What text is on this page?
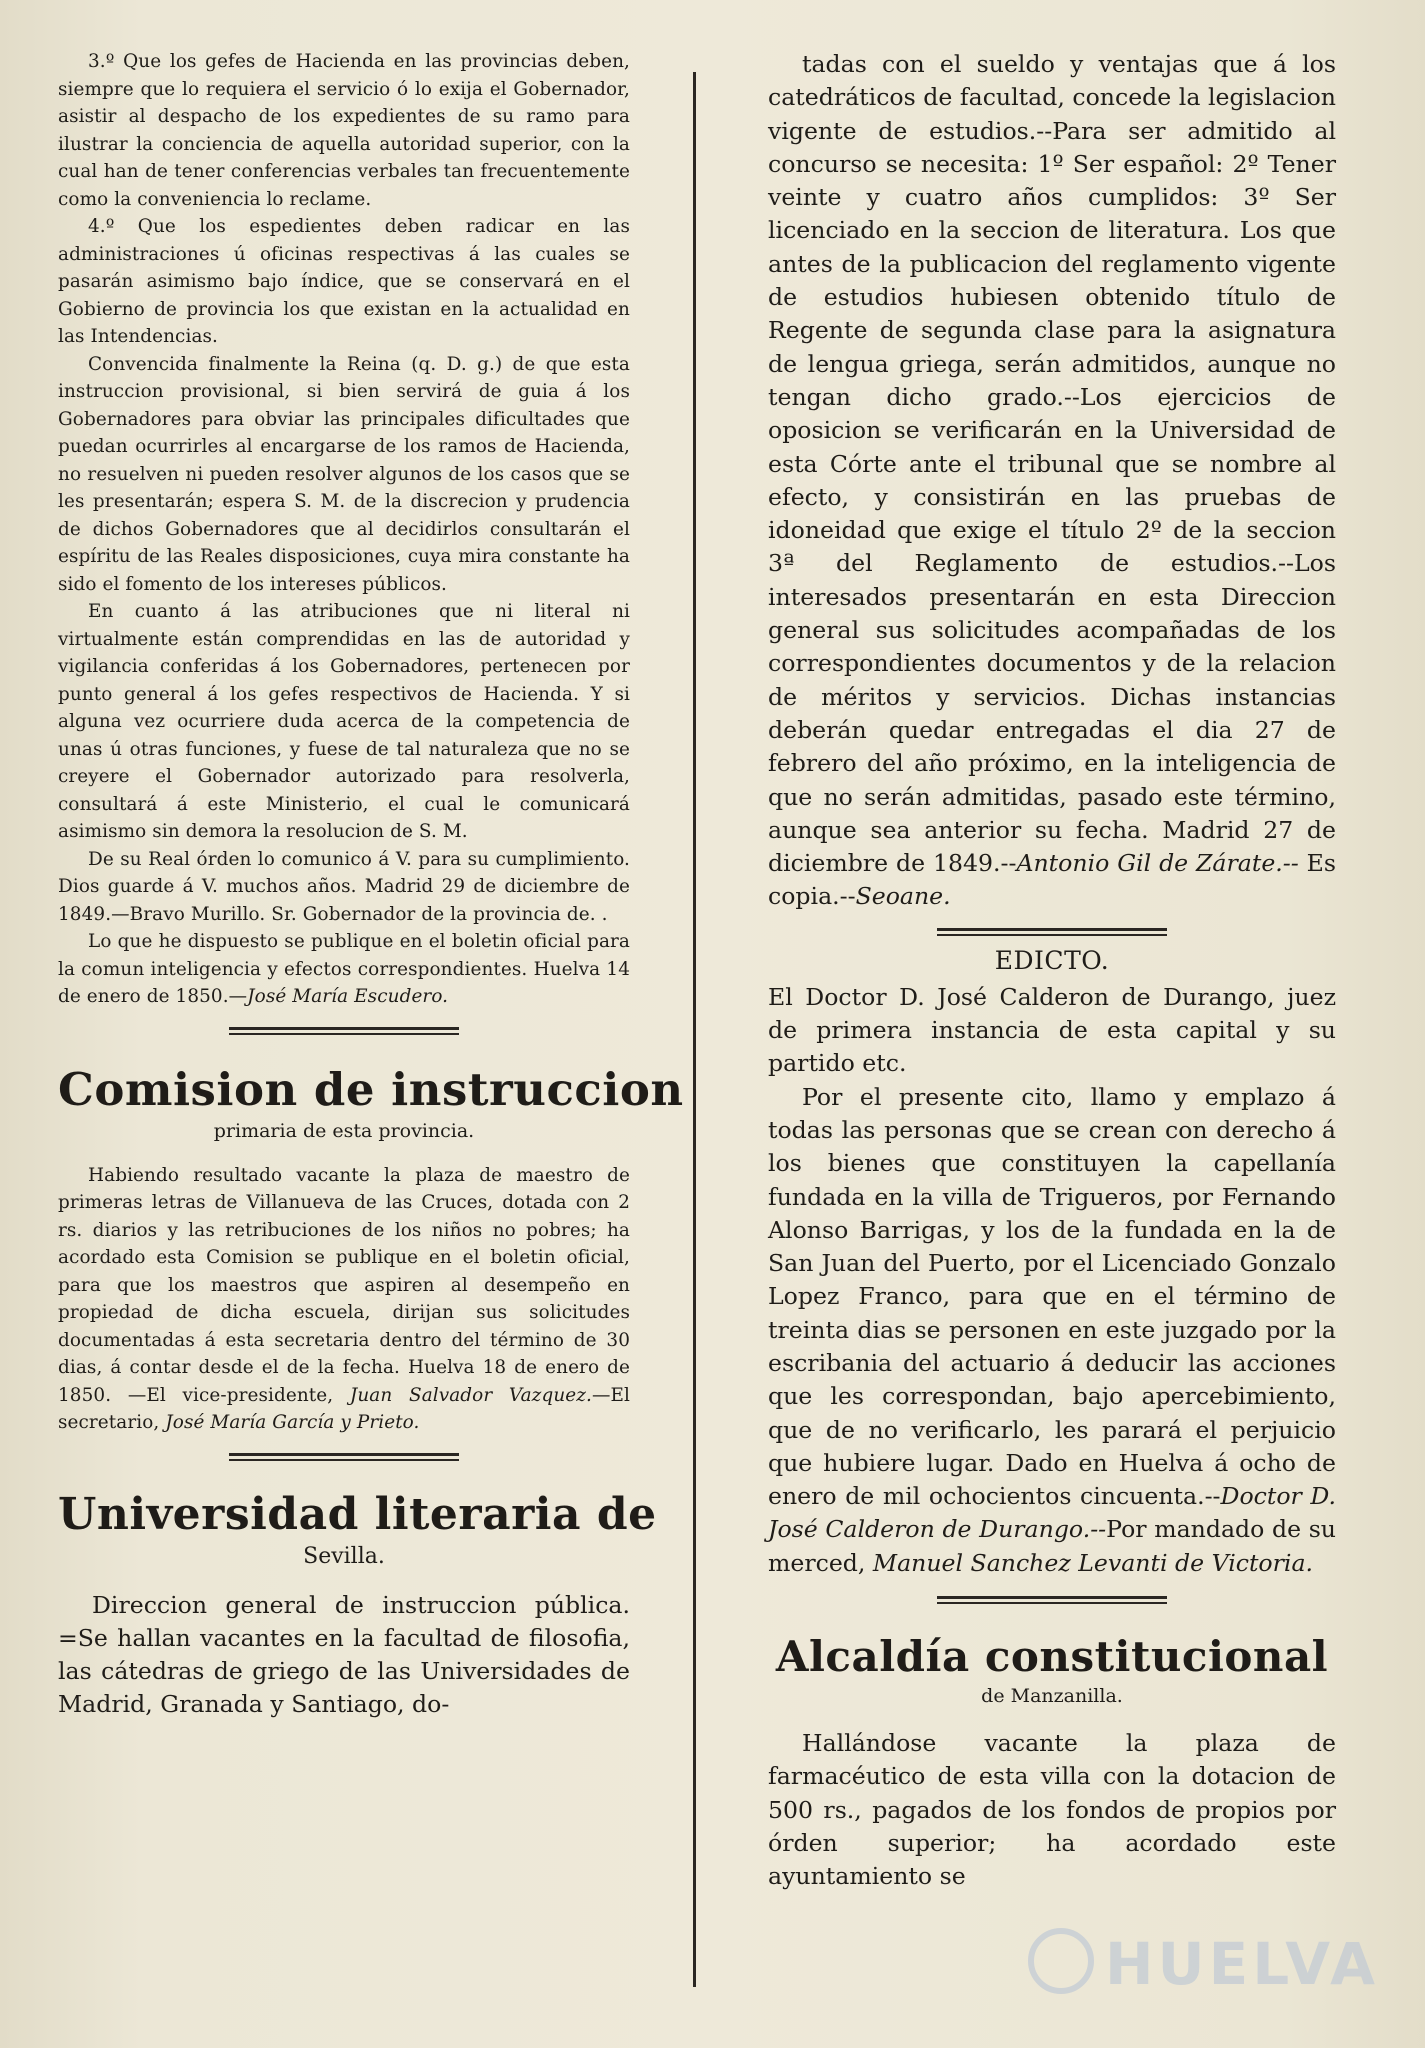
3.º Que los gefes de Hacienda en las provincias deben, siempre que lo requiera el servicio ó lo exija el Gobernador, asistir al despacho de los expedientes de su ramo para ilustrar la conciencia de aquella autoridad superior, con la cual han de tener conferencias verbales tan frecuentemente como la conveniencia lo reclame.

4.º Que los espedientes deben radicar en las administraciones ú oficinas respectivas á las cuales se pasarán asimismo bajo índice, que se conservará en el Gobierno de provincia los que existan en la actualidad en las Intendencias.

Convencida finalmente la Reina (q. D. g.) de que esta instruccion provisional, si bien servirá de guia á los Gobernadores para obviar las principales dificultades que puedan ocurrirles al encargarse de los ramos de Hacienda, no resuelven ni pueden resolver algunos de los casos que se les presentarán; espera S. M. de la discrecion y prudencia de dichos Gobernadores que al decidirlos consultarán el espíritu de las Reales disposiciones, cuya mira constante ha sido el fomento de los intereses públicos.

En cuanto á las atribuciones que ni literal ni virtualmente están comprendidas en las de autoridad y vigilancia conferidas á los Gobernadores, pertenecen por punto general á los gefes respectivos de Hacienda. Y si alguna vez ocurriere duda acerca de la competencia de unas ú otras funciones, y fuese de tal naturaleza que no se creyere el Gobernador autorizado para resolverla, consultará á este Ministerio, el cual le comunicará asimismo sin demora la resolucion de S. M.

De su Real órden lo comunico á V. para su cumplimiento. Dios guarde á V. muchos años. Madrid 29 de diciembre de 1849.—Bravo Murillo. Sr. Gobernador de la provincia de. .

Lo que he dispuesto se publique en el boletin oficial para la comun inteligencia y efectos correspondientes. Huelva 14 de enero de 1850.—José María Escudero.

Comision de instruccion
primaria de esta provincia.

Habiendo resultado vacante la plaza de maestro de primeras letras de Villanueva de las Cruces, dotada con 2 rs. diarios y las retribuciones de los niños no pobres; ha acordado esta Comision se publique en el boletin oficial, para que los maestros que aspiren al desempeño en propiedad de dicha escuela, dirijan sus solicitudes documentadas á esta secretaria dentro del término de 30 dias, á contar desde el de la fecha. Huelva 18 de enero de 1850. —El vice-presidente, Juan Salvador Vazquez.—El secretario, José María García y Prieto.

Universidad literaria de
Sevilla.

Direccion general de instruccion pública. =Se hallan vacantes en la facultad de filosofia, las cátedras de griego de las Universidades de Madrid, Granada y Santiago, do-

tadas con el sueldo y ventajas que á los catedráticos de facultad, concede la legislacion vigente de estudios.--Para ser admitido al concurso se necesita: 1º Ser español: 2º Tener veinte y cuatro años cumplidos: 3º Ser licenciado en la seccion de literatura. Los que antes de la publicacion del reglamento vigente de estudios hubiesen obtenido título de Regente de segunda clase para la asignatura de lengua griega, serán admitidos, aunque no tengan dicho grado.--Los ejercicios de oposicion se verificarán en la Universidad de esta Córte ante el tribunal que se nombre al efecto, y consistirán en las pruebas de idoneidad que exige el título 2º de la seccion 3ª del Reglamento de estudios.--Los interesados presentarán en esta Direccion general sus solicitudes acompañadas de los correspondientes documentos y de la relacion de méritos y servicios. Dichas instancias deberán quedar entregadas el dia 27 de febrero del año próximo, en la inteligencia de que no serán admitidas, pasado este término, aunque sea anterior su fecha. Madrid 27 de diciembre de 1849.--Antonio Gil de Zárate.-- Es copia.--Seoane.

EDICTO.

El Doctor D. José Calderon de Durango, juez de primera instancia de esta capital y su partido etc.

Por el presente cito, llamo y emplazo á todas las personas que se crean con derecho á los bienes que constituyen la capellanía fundada en la villa de Trigueros, por Fernando Alonso Barrigas, y los de la fundada en la de San Juan del Puerto, por el Licenciado Gonzalo Lopez Franco, para que en el término de treinta dias se personen en este juzgado por la escribania del actuario á deducir las acciones que les correspondan, bajo apercebimiento, que de no verificarlo, les parará el perjuicio que hubiere lugar. Dado en Huelva á ocho de enero de mil ochocientos cincuenta.--Doctor D. José Calderon de Durango.--Por mandado de su merced, Manuel Sanchez Levanti de Victoria.

Alcaldía constitucional
de Manzanilla.

Hallándose vacante la plaza de farmacéutico de esta villa con la dotacion de 500 rs., pagados de los fondos de propios por órden superior; ha acordado este ayuntamiento se

HUELVA
